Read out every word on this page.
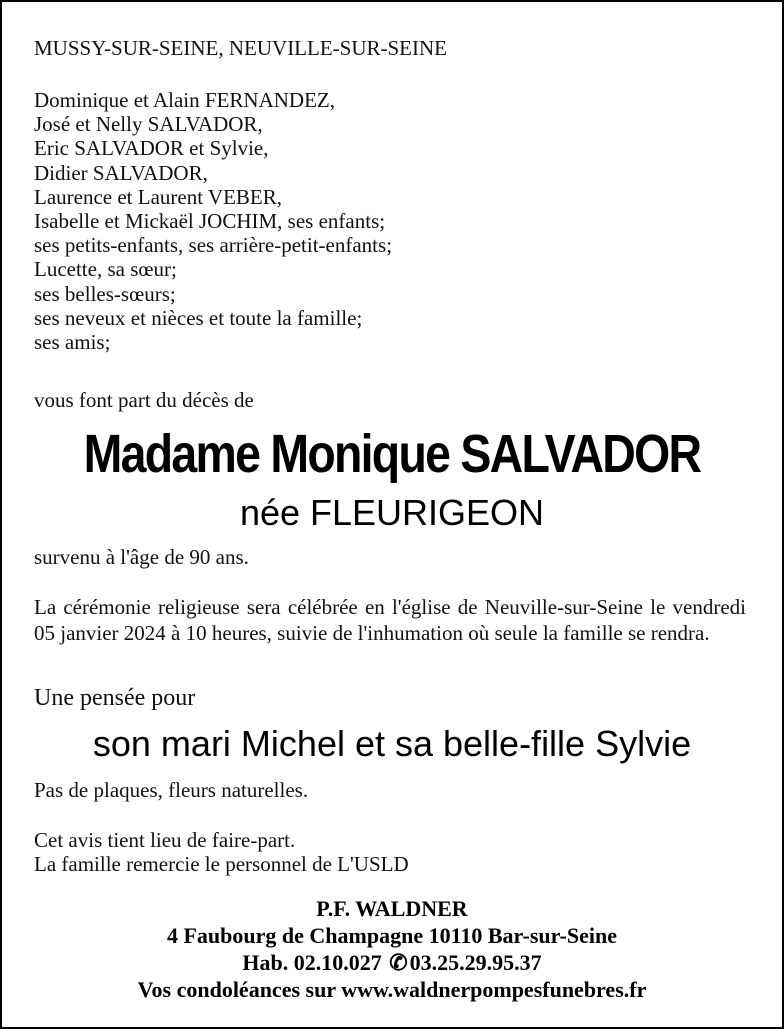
MUSSY-SUR-SEINE, NEUVILLE-SUR-SEINE
Dominique et Alain FERNANDEZ,
José et Nelly SALVADOR,
Eric SALVADOR et Sylvie,
Didier SALVADOR,
Laurence et Laurent VEBER,
Isabelle et Mickaël JOCHIM, ses enfants;
ses petits-enfants, ses arrière-petit-enfants;
Lucette, sa sœur;
ses belles-sœurs;
ses neveux et nièces et toute la famille;
ses amis;
vous font part du décès de
Madame Monique SALVADOR
née FLEURIGEON
survenu à l'âge de 90 ans.
La cérémonie religieuse sera célébrée en l'église de Neuville-sur-Seine le vendredi 05 janvier 2024 à 10 heures, suivie de l'inhumation où seule la famille se rendra.
Une pensée pour
son mari Michel et sa belle-fille Sylvie
Pas de plaques, fleurs naturelles.
Cet avis tient lieu de faire-part.
La famille remercie le personnel de L'USLD
P.F. WALDNER
4 Faubourg de Champagne 10110 Bar-sur-Seine
Hab. 02.10.027 ✆03.25.29.95.37
Vos condoléances sur www.waldnerpompesfunebres.fr
